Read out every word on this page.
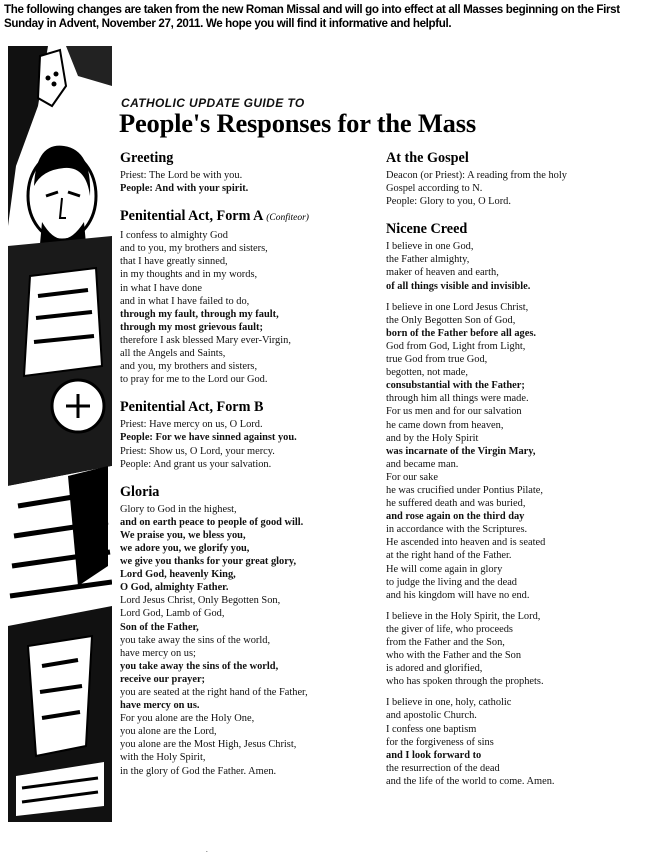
The following changes are taken from the new Roman Missal and will go into effect at all Masses beginning on the First
Sunday in Advent, November 27, 2011. We hope you will find it informative and helpful.
CATHOLIC UPDATE GUIDE TO
People's Responses for the Mass
Greeting
Priest: The Lord be with you.
People: And with your spirit.
Penitential Act, Form A (Confiteor)
I confess to almighty God
and to you, my brothers and sisters,
that I have greatly sinned,
in my thoughts and in my words,
in what I have done
and in what I have failed to do,
through my fault, through my fault,
through my most grievous fault;
therefore I ask blessed Mary ever-Virgin,
all the Angels and Saints,
and you, my brothers and sisters,
to pray for me to the Lord our God.
Penitential Act, Form B
Priest: Have mercy on us, O Lord.
People: For we have sinned against you.
Priest: Show us, O Lord, your mercy.
People: And grant us your salvation.
Gloria
Glory to God in the highest,
and on earth peace to people of good will.
We praise you, we bless you,
we adore you, we glorify you,
we give you thanks for your great glory,
Lord God, heavenly King,
O God, almighty Father.
Lord Jesus Christ, Only Begotten Son,
Lord God, Lamb of God,
Son of the Father,
you take away the sins of the world,
have mercy on us;
you take away the sins of the world,
receive our prayer;
you are seated at the right hand of the Father,
have mercy on us.
For you alone are the Holy One,
you alone are the Lord,
you alone are the Most High, Jesus Christ,
with the Holy Spirit,
in the glory of God the Father. Amen.
At the Gospel
Deacon (or Priest): A reading from the holy
Gospel according to N.
People: Glory to you, O Lord.
Nicene Creed
I believe in one God,
the Father almighty,
maker of heaven and earth,
of all things visible and invisible.
I believe in one Lord Jesus Christ,
the Only Begotten Son of God,
born of the Father before all ages.
God from God, Light from Light,
true God from true God,
begotten, not made,
consubstantial with the Father;
through him all things were made.
For us men and for our salvation
he came down from heaven,
and by the Holy Spirit
was incarnate of the Virgin Mary,
and became man.
For our sake
he was crucified under Pontius Pilate,
he suffered death and was buried,
and rose again on the third day
in accordance with the Scriptures.
He ascended into heaven and is seated
at the right hand of the Father.
He will come again in glory
to judge the living and the dead
and his kingdom will have no end.
I believe in the Holy Spirit, the Lord,
the giver of life, who proceeds
from the Father and the Son,
who with the Father and the Son
is adored and glorified,
who has spoken through the prophets.
I believe in one, holy, catholic
and apostolic Church.
I confess one baptism
for the forgiveness of sins
and I look forward to
the resurrection of the dead
and the life of the world to come. Amen.
.
